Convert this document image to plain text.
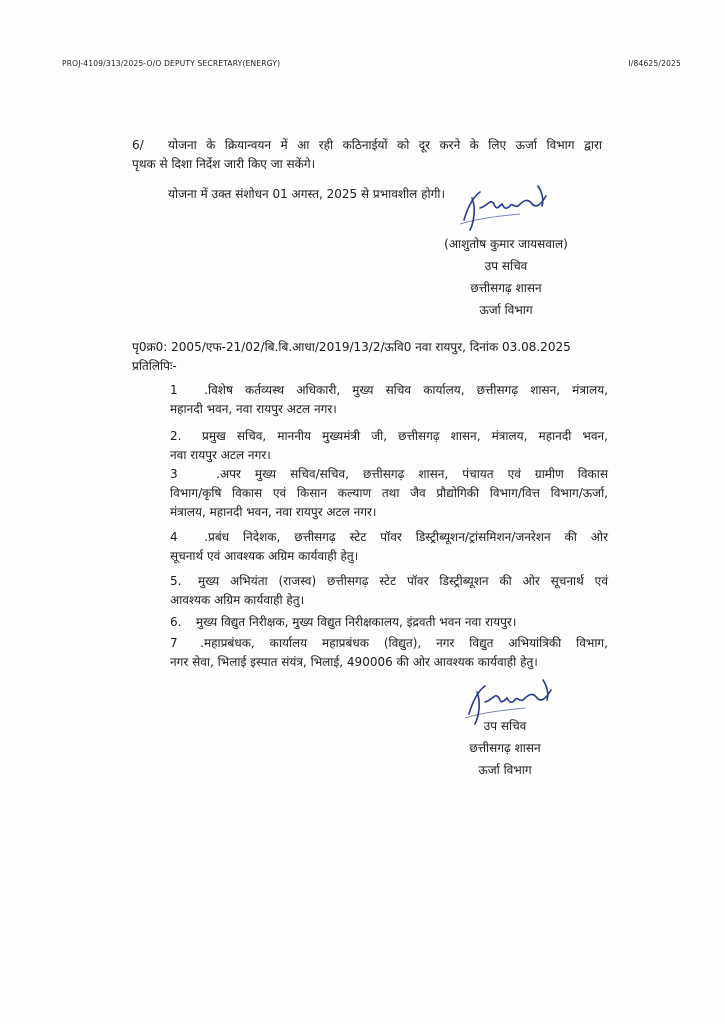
PROJ-4109/313/2025-O/O DEPUTY SECRETARY(ENERGY)	I/84625/2025
6/ योजना के क्रियान्वयन में आ रही कठिनाईयों को दूर करने के लिए ऊर्जा विभाग द्वारा
पृथक से दिशा निर्देश जारी किए जा सकेंगे।
योजना में उक्त संशोधन 01 अगस्त, 2025 से प्रभावशील होगी।
(आशुतोष कुमार जायसवाल)
उप सचिव
छत्तीसगढ़ शासन
ऊर्जा विभाग
पृ0क्र0: 2005/एफ-21/02/बि.बि.आधा/2019/13/2/ऊवि0 नवा रायपुर, दिनांक 03.08.2025
प्रतिलिपिः-
1 .विशेष कर्तव्यस्थ अधिकारी, मुख्य सचिव कार्यालय, छत्तीसगढ़ शासन, मंत्रालय,
महानदी भवन, नवा रायपुर अटल नगर।
2. प्रमुख सचिव, माननीय मुख्यमंत्री जी, छत्तीसगढ़ शासन, मंत्रालय, महानदी भवन,
नवा रायपुर अटल नगर।
3 .अपर मुख्य सचिव/सचिव, छत्तीसगढ़ शासन, पंचायत एवं ग्रामीण विकास
विभाग/कृषि विकास एवं किसान कल्याण तथा जैव प्रौद्योगिकी विभाग/वित्त विभाग/ऊर्जा,
मंत्रालय, महानदी भवन, नवा रायपुर अटल नगर।
4 .प्रबंध निदेशक, छत्तीसगढ़ स्टेट पॉवर डिस्ट्रीब्यूशन/ट्रांसमिशन/जनरेशन की ओर
सूचनार्थ एवं आवश्यक अग्रिम कार्यवाही हेतु।
5. मुख्य अभियंता (राजस्व) छत्तीसगढ़ स्टेट पॉवर डिस्ट्रीब्यूशन की ओर सूचनार्थ एवं
आवश्यक अग्रिम कार्यवाही हेतु।
6. मुख्य विद्युत निरीक्षक, मुख्य विद्युत निरीक्षकालय, इंद्रवती भवन नवा रायपुर।
7 .महाप्रबंधक, कार्यालय महाप्रबंधक (विद्युत), नगर विद्युत अभियांत्रिकी विभाग,
नगर सेवा, भिलाई इस्पात संयंत्र, भिलाई, 490006 की ओर आवश्यक कार्यवाही हेतु।
उप सचिव
छत्तीसगढ़ शासन
ऊर्जा विभाग
